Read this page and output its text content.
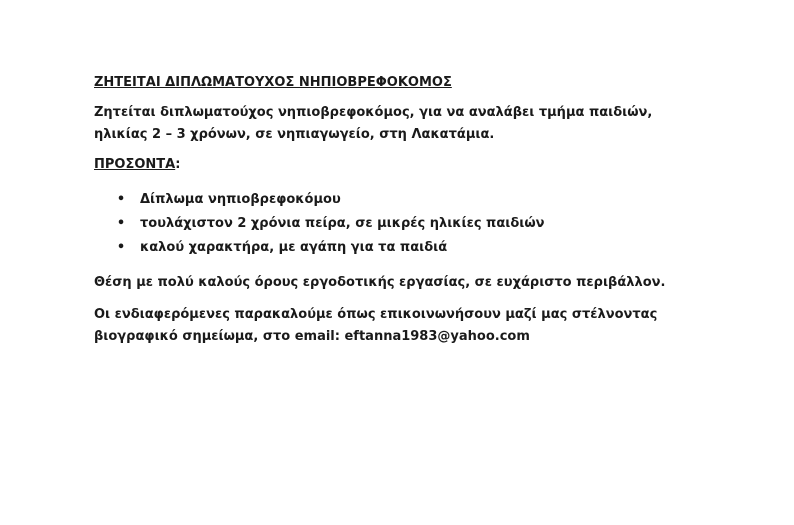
ΖΗΤΕΙΤΑΙ ΔΙΠΛΩΜΑΤΟΥΧΟΣ ΝΗΠΙΟΒΡΕΦΟΚΟΜΟΣ
Ζητείται διπλωματούχος νηπιοβρεφοκόμος, για να αναλάβει τμήμα παιδιών, ηλικίας 2 – 3 χρόνων, σε νηπιαγωγείο, στη Λακατάμια.
ΠΡΟΣΟΝΤΑ:
• Δίπλωμα νηπιοβρεφοκόμου
• τουλάχιστον 2 χρόνια πείρα, σε μικρές ηλικίες παιδιών
• καλού χαρακτήρα, με αγάπη για τα παιδιά
Θέση με πολύ καλούς όρους εργοδοτικής εργασίας, σε ευχάριστο περιβάλλον.
Οι ενδιαφερόμενες παρακαλούμε όπως επικοινωνήσουν μαζί μας στέλνοντας βιογραφικό σημείωμα, στο email: eftanna1983@yahoo.com
